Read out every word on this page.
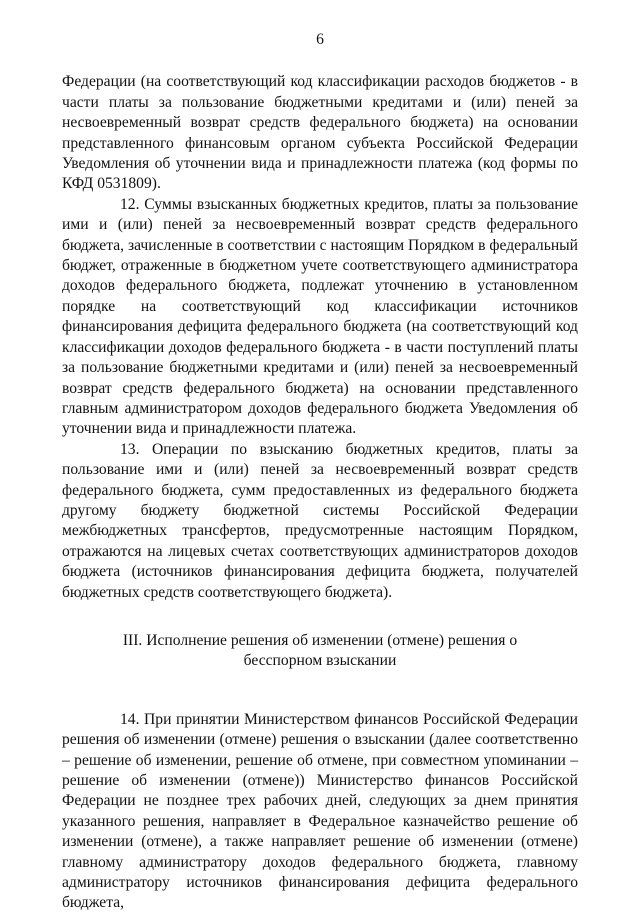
6

Федерации (на соответствующий код классификации расходов бюджетов - в части платы за пользование бюджетными кредитами и (или) пеней за несвоевременный возврат средств федерального бюджета) на основании представленного финансовым органом субъекта Российской Федерации Уведомления об уточнении вида и принадлежности платежа (код формы по КФД 0531809).

12. Суммы взысканных бюджетных кредитов, платы за пользование ими и (или) пеней за несвоевременный возврат средств федерального бюджета, зачисленные в соответствии с настоящим Порядком в федеральный бюджет, отраженные в бюджетном учете соответствующего администратора доходов федерального бюджета, подлежат уточнению в установленном порядке на соответствующий код классификации источников финансирования дефицита федерального бюджета (на соответствующий код классификации доходов федерального бюджета - в части поступлений платы за пользование бюджетными кредитами и (или) пеней за несвоевременный возврат средств федерального бюджета) на основании представленного главным администратором доходов федерального бюджета Уведомления об уточнении вида и принадлежности платежа.

13. Операции по взысканию бюджетных кредитов, платы за пользование ими и (или) пеней за несвоевременный возврат средств федерального бюджета, сумм предоставленных из федерального бюджета другому бюджету бюджетной системы Российской Федерации межбюджетных трансфертов, предусмотренные настоящим Порядком, отражаются на лицевых счетах соответствующих администраторов доходов бюджета (источников финансирования дефицита бюджета, получателей бюджетных средств соответствующего бюджета).

III. Исполнение решения об изменении (отмене) решения о бесспорном взыскании

14. При принятии Министерством финансов Российской Федерации решения об изменении (отмене) решения о взыскании (далее соответственно – решение об изменении, решение об отмене, при совместном упоминании – решение об изменении (отмене)) Министерство финансов Российской Федерации не позднее трех рабочих дней, следующих за днем принятия указанного решения, направляет в Федеральное казначейство решение об изменении (отмене), а также направляет решение об изменении (отмене) главному администратору доходов федерального бюджета, главному администратору источников финансирования дефицита федерального бюджета,
